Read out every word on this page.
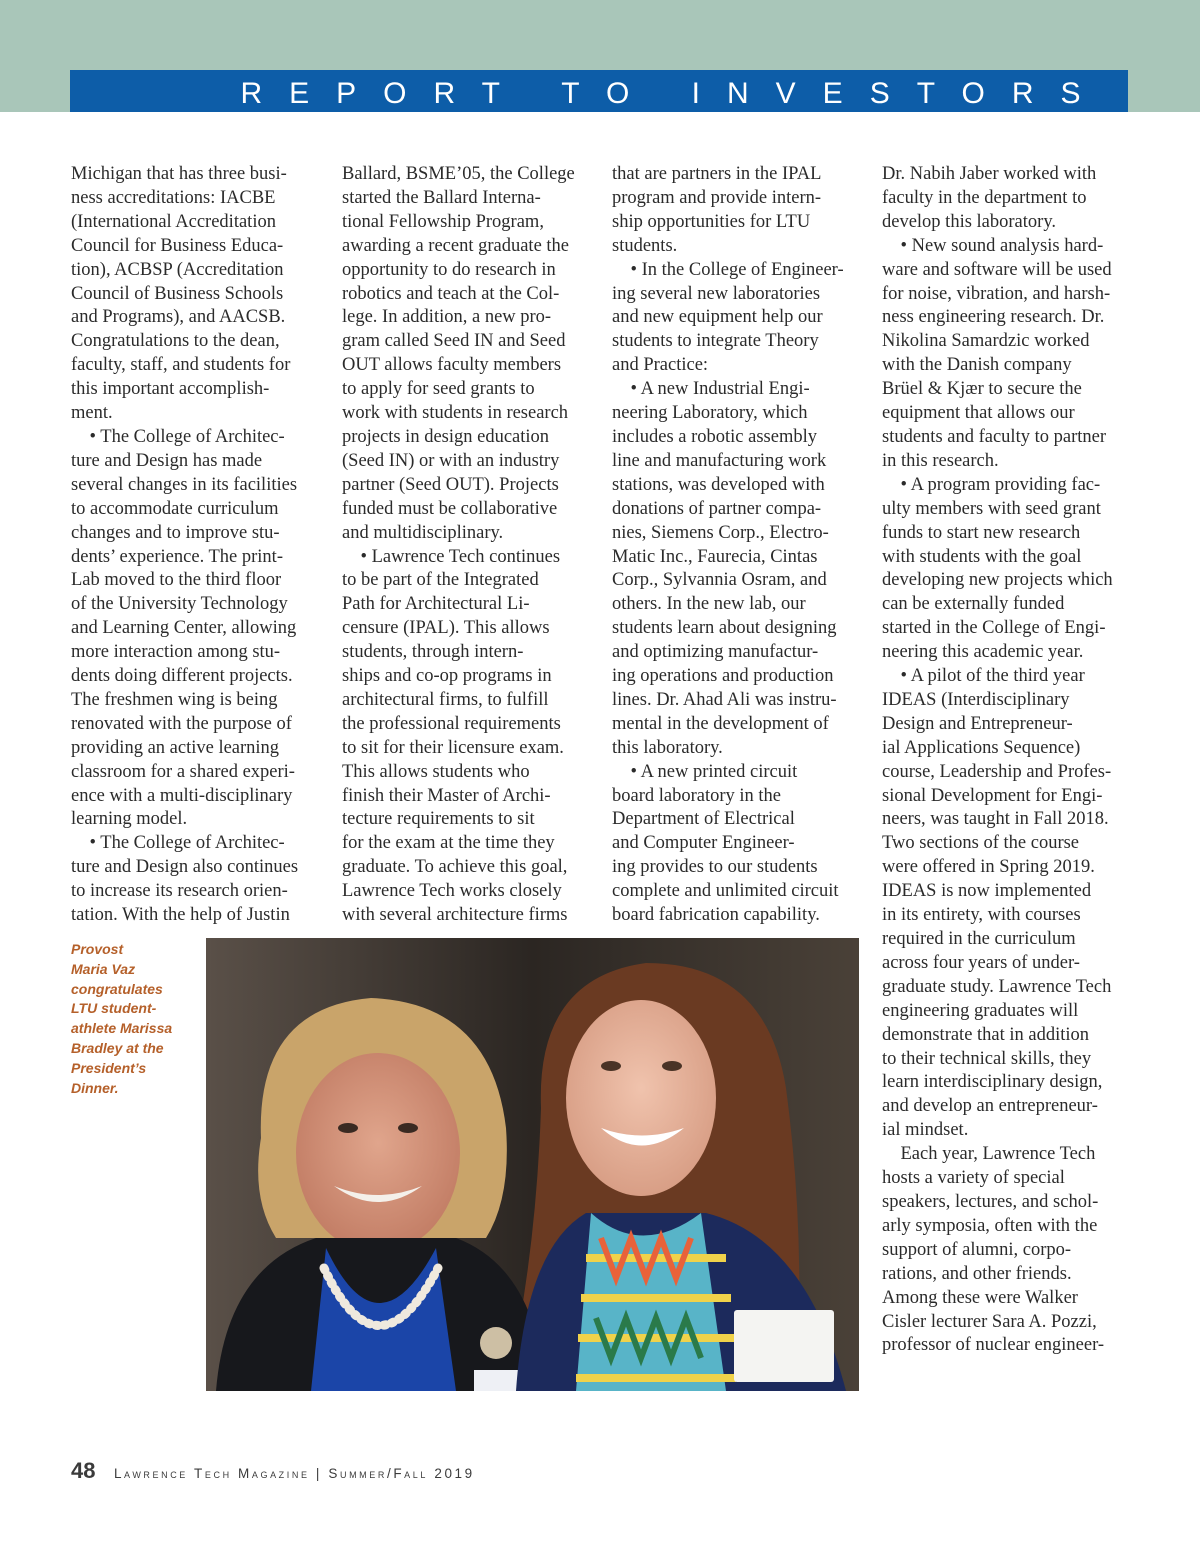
REPORT TO INVESTORS

Michigan that has three busi-

ness accreditations: IACBE

(International Accreditation

Council for Business Educa-

tion), ACBSP (Accreditation

Council of Business Schools

and Programs), and AACSB.

Congratulations to the dean,

faculty, staff, and students for

this important accomplish-

ment.

• The College of Architec-

ture and Design has made

several changes in its facilities

to accommodate curriculum

changes and to improve stu-

dents’ experience. The print-

Lab moved to the third floor

of the University Technology

and Learning Center, allowing

more interaction among stu-

dents doing different projects.

The freshmen wing is being

renovated with the purpose of

providing an active learning

classroom for a shared experi-

ence with a multi-disciplinary

learning model.

• The College of Architec-

ture and Design also continues

to increase its research orien-

tation. With the help of Justin

Ballard, BSME’05, the College

started the Ballard Interna-

tional Fellowship Program,

awarding a recent graduate the

opportunity to do research in

robotics and teach at the Col-

lege. In addition, a new pro-

gram called Seed IN and Seed

OUT allows faculty members

to apply for seed grants to

work with students in research

projects in design education

(Seed IN) or with an industry

partner (Seed OUT). Projects

funded must be collaborative

and multidisciplinary.

• Lawrence Tech continues

to be part of the Integrated

Path for Architectural Li-

censure (IPAL). This allows

students, through intern-

ships and co-op programs in

architectural firms, to fulfill

the professional requirements

to sit for their licensure exam.

This allows students who

finish their Master of Archi-

tecture requirements to sit

for the exam at the time they

graduate. To achieve this goal,

Lawrence Tech works closely

with several architecture firms

that are partners in the IPAL

program and provide intern-

ship opportunities for LTU

students.

• In the College of Engineer-

ing several new laboratories

and new equipment help our

students to integrate Theory

and Practice:

• A new Industrial Engi-

neering Laboratory, which

includes a robotic assembly

line and manufacturing work

stations, was developed with

donations of partner compa-

nies, Siemens Corp., Electro-

Matic Inc., Faurecia, Cintas

Corp., Sylvannia Osram, and

others. In the new lab, our

students learn about designing

and optimizing manufactur-

ing operations and production

lines. Dr. Ahad Ali was instru-

mental in the development of

this laboratory.

• A new printed circuit

board laboratory in the

Department of Electrical

and Computer Engineer-

ing provides to our students

complete and unlimited circuit

board fabrication capability.

Dr. Nabih Jaber worked with

faculty in the department to

develop this laboratory.

• New sound analysis hard-

ware and software will be used

for noise, vibration, and harsh-

ness engineering research. Dr.

Nikolina Samardzic worked

with the Danish company

Brüel & Kjær to secure the

equipment that allows our

students and faculty to partner

in this research.

• A program providing fac-

ulty members with seed grant

funds to start new research

with students with the goal

developing new projects which

can be externally funded

started in the College of Engi-

neering this academic year.

• A pilot of the third year

IDEAS (Interdisciplinary

Design and Entrepreneur-

ial Applications Sequence)

course, Leadership and Profes-

sional Development for Engi-

neers, was taught in Fall 2018.

Two sections of the course

were offered in Spring 2019.

IDEAS is now implemented

in its entirety, with courses

required in the curriculum

across four years of under-

graduate study. Lawrence Tech

engineering graduates will

demonstrate that in addition

to their technical skills, they

learn interdisciplinary design,

and develop an entrepreneur-

ial mindset.

Each year, Lawrence Tech

hosts a variety of special

speakers, lectures, and schol-

arly symposia, often with the

support of alumni, corpo-

rations, and other friends.

Among these were Walker

Cisler lecturer Sara A. Pozzi,

professor of nuclear engineer-

Provost
Maria Vaz
congratulates
LTU student-
athlete Marissa
Bradley at the
President’s
Dinner.
48 Lawrence Tech Magazine | Summer/Fall 2019
